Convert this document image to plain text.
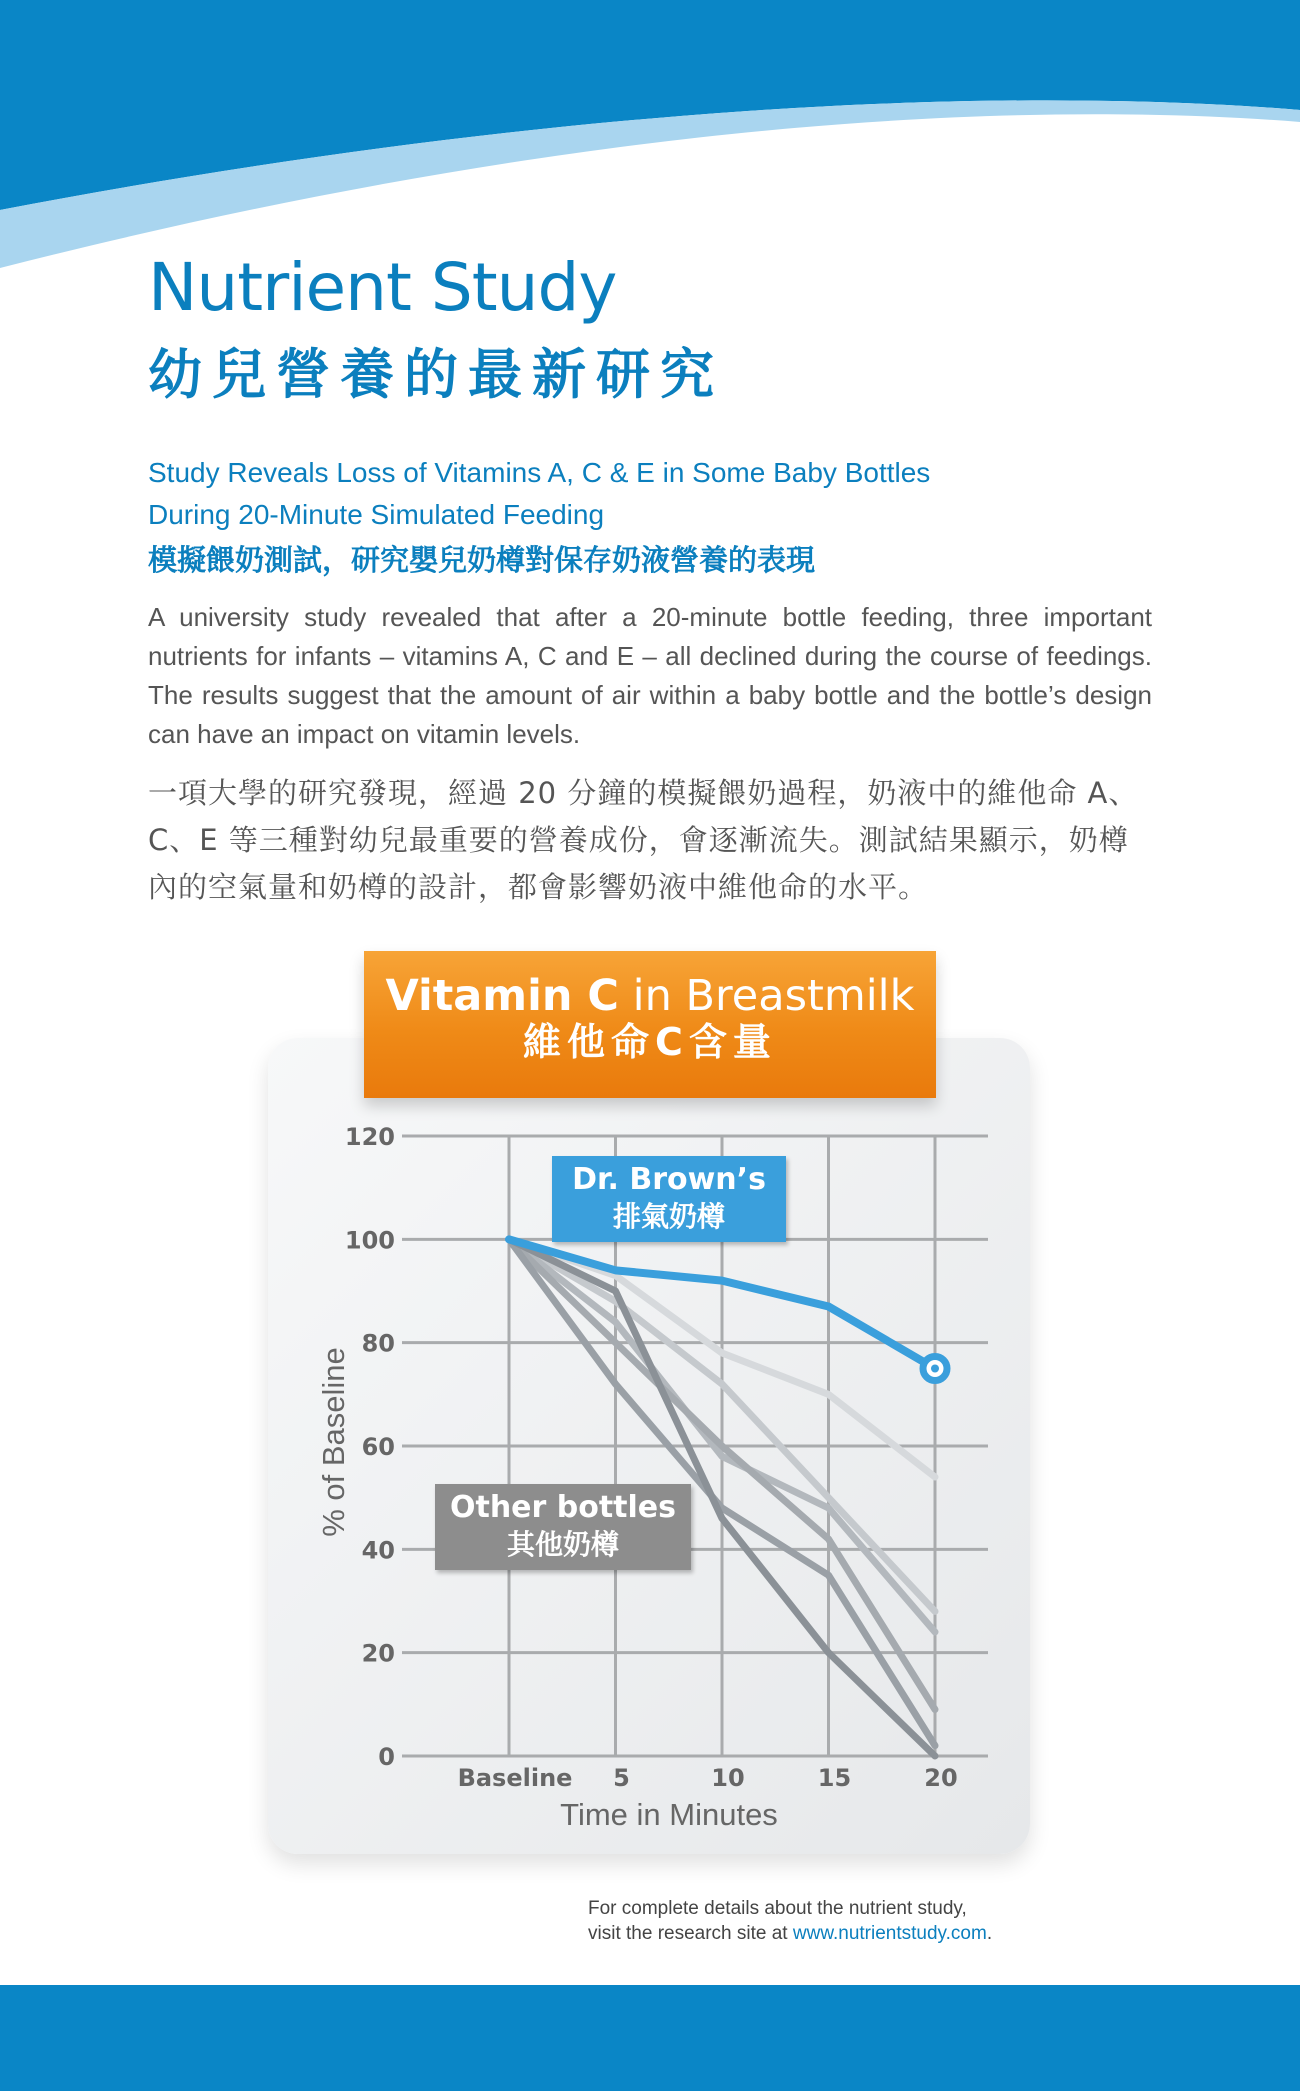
Nutrient Study
幼兒營養的最新研究
Study Reveals Loss of Vitamins A, C & E in Some Baby Bottles
During 20-Minute Simulated Feeding
模擬餵奶測試，研究嬰兒奶樽對保存奶液營養的表現

A university study revealed that after a 20-minute bottle feeding, three important nutrients for infants – vitamins A, C and E – all declined during the course of feedings. The results suggest that the amount of air within a baby bottle and the bottle’s design can have an impact on vitamin levels.

一項大學的研究發現，經過 20 分鐘的模擬餵奶過程，奶液中的維他命 A、C、E 等三種對幼兒最重要的營養成份，會逐漸流失。測試結果顯示，奶樽內的空氣量和奶樽的設計，都會影響奶液中維他命的水平。

0
20
40
60
80
100
120
Baseline 5	10	15	20
Time in Minutes
% of Baseline
Vitamin C in Breastmilk
維他命C含量
Dr. Brown’s
排氣奶樽
Other bottles
其他奶樽

For complete details about the nutrient study,
visit the research site at www.nutrientstudy.com.
